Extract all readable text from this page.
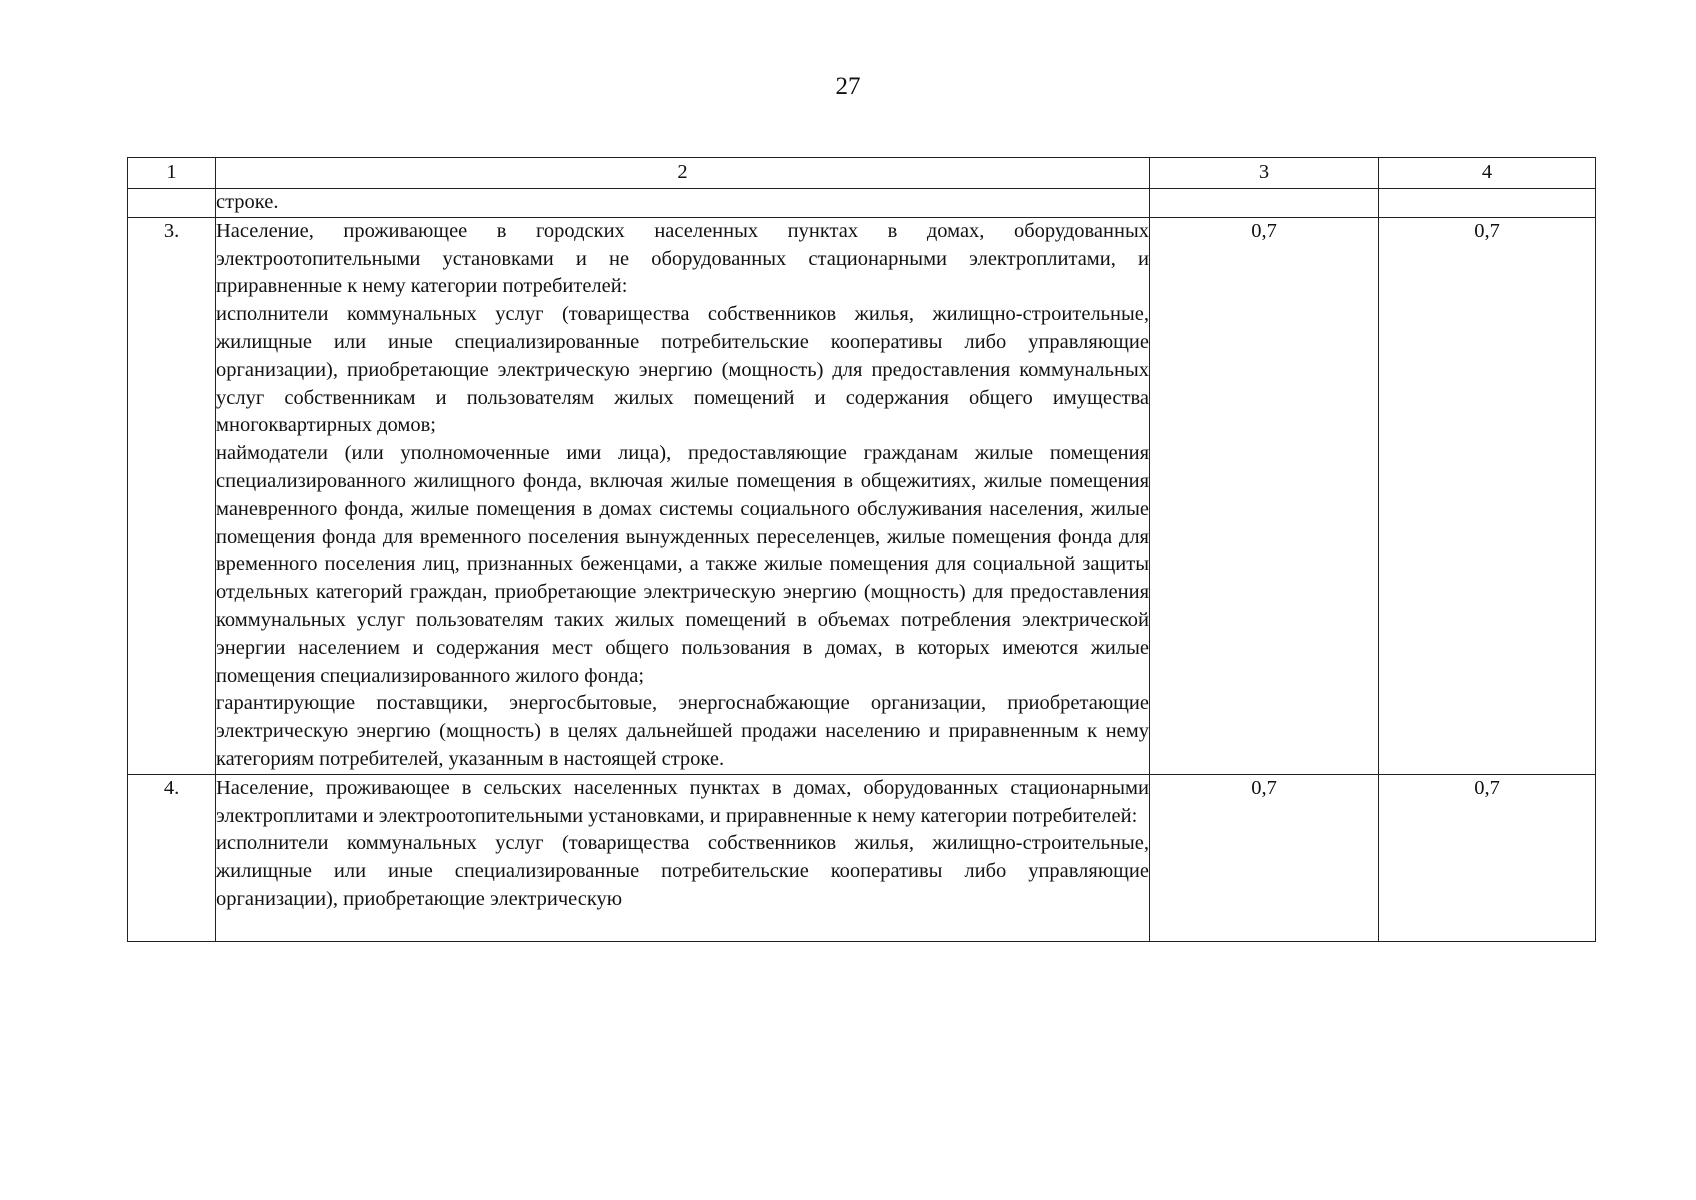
27
1	2	3	4
	строке.		
3.	Население, проживающее в городских населенных пунктах в домах, оборудованных электроотопительными установками и не оборудованных стационарными электроплитами, и приравненные к нему категории потребителей:
исполнители коммунальных услуг (товарищества собственников жилья, жилищно-строительные, жилищные или иные специализированные потребительские кооперативы либо управляющие организации), приобретающие электрическую энергию (мощность) для предоставления коммунальных услуг собственникам и пользователям жилых помещений и содержания общего имущества многоквартирных домов;
наймодатели (или уполномоченные ими лица), предоставляющие гражданам жилые помещения специализированного жилищного фонда, включая жилые помещения в общежитиях, жилые помещения маневренного фонда, жилые помещения в домах системы социального обслуживания населения, жилые помещения фонда для временного поселения вынужденных переселенцев, жилые помещения фонда для временного поселения лиц, признанных беженцами, а также жилые помещения для социальной защиты отдельных категорий граждан, приобретающие электрическую энергию (мощность) для предоставления коммунальных услуг пользователям таких жилых помещений в объемах потребления электрической энергии населением и содержания мест общего пользования в домах, в которых имеются жилые помещения специализированного жилого фонда;
гарантирующие поставщики, энергосбытовые, энергоснабжающие организации, приобретающие электрическую энергию (мощность) в целях дальнейшей продажи населению и приравненным к нему категориям потребителей, указанным в настоящей строке.	0,7	0,7
4.	Население, проживающее в сельских населенных пунктах в домах, оборудованных стационарными электроплитами и электроотопительными установками, и приравненные к нему категории потребителей:
исполнители коммунальных услуг (товарищества собственников жилья, жилищно-строительные, жилищные или иные специализированные потребительские кооперативы либо управляющие организации), приобретающие электрическую	0,7	0,7
